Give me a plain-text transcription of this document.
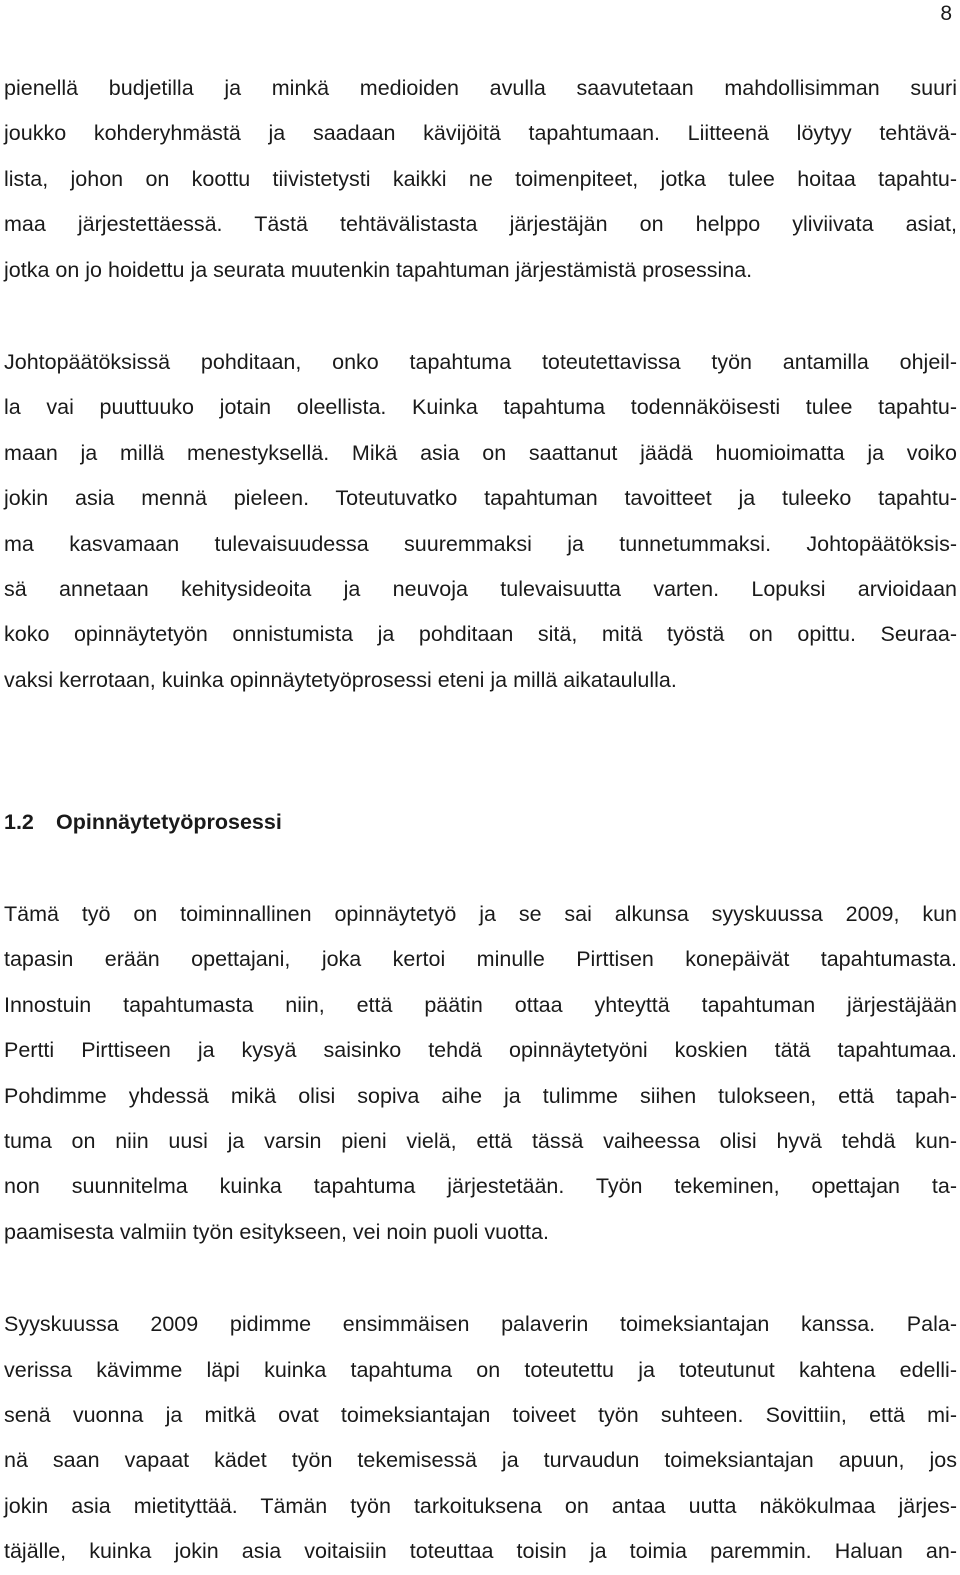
8
pienellä budjetilla ja minkä medioiden avulla saavutetaan mahdollisimman suuri
joukko kohderyhmästä ja saadaan kävijöitä tapahtumaan. Liitteenä löytyy tehtävä-
lista, johon on koottu tiivistetysti kaikki ne toimenpiteet, jotka tulee hoitaa tapahtu-
maa järjestettäessä. Tästä tehtävälistasta järjestäjän on helppo yliviivata asiat,
jotka on jo hoidettu ja seurata muutenkin tapahtuman järjestämistä prosessina.
Johtopäätöksissä pohditaan, onko tapahtuma toteutettavissa työn antamilla ohjeil-
la vai puuttuuko jotain oleellista. Kuinka tapahtuma todennäköisesti tulee tapahtu-
maan ja millä menestyksellä. Mikä asia on saattanut jäädä huomioimatta ja voiko
jokin asia mennä pieleen. Toteutuvatko tapahtuman tavoitteet ja tuleeko tapahtu-
ma kasvamaan tulevaisuudessa suuremmaksi ja tunnetummaksi. Johtopäätöksis-
sä annetaan kehitysideoita ja neuvoja tulevaisuutta varten. Lopuksi arvioidaan
koko opinnäytetyön onnistumista ja pohditaan sitä, mitä työstä on opittu. Seuraa-
vaksi kerrotaan, kuinka opinnäytetyöprosessi eteni ja millä aikataululla.
1.2 Opinnäytetyöprosessi
Tämä työ on toiminnallinen opinnäytetyö ja se sai alkunsa syyskuussa 2009, kun
tapasin erään opettajani, joka kertoi minulle Pirttisen konepäivät tapahtumasta.
Innostuin tapahtumasta niin, että päätin ottaa yhteyttä tapahtuman järjestäjään
Pertti Pirttiseen ja kysyä saisinko tehdä opinnäytetyöni koskien tätä tapahtumaa.
Pohdimme yhdessä mikä olisi sopiva aihe ja tulimme siihen tulokseen, että tapah-
tuma on niin uusi ja varsin pieni vielä, että tässä vaiheessa olisi hyvä tehdä kun-
non suunnitelma kuinka tapahtuma järjestetään. Työn tekeminen, opettajan ta-
paamisesta valmiin työn esitykseen, vei noin puoli vuotta.
Syyskuussa 2009 pidimme ensimmäisen palaverin toimeksiantajan kanssa. Pala-
verissa kävimme läpi kuinka tapahtuma on toteutettu ja toteutunut kahtena edelli-
senä vuonna ja mitkä ovat toimeksiantajan toiveet työn suhteen. Sovittiin, että mi-
nä saan vapaat kädet työn tekemisessä ja turvaudun toimeksiantajan apuun, jos
jokin asia mietityttää. Tämän työn tarkoituksena on antaa uutta näkökulmaa järjes-
täjälle, kuinka jokin asia voitaisiin toteuttaa toisin ja toimia paremmin. Haluan an-
